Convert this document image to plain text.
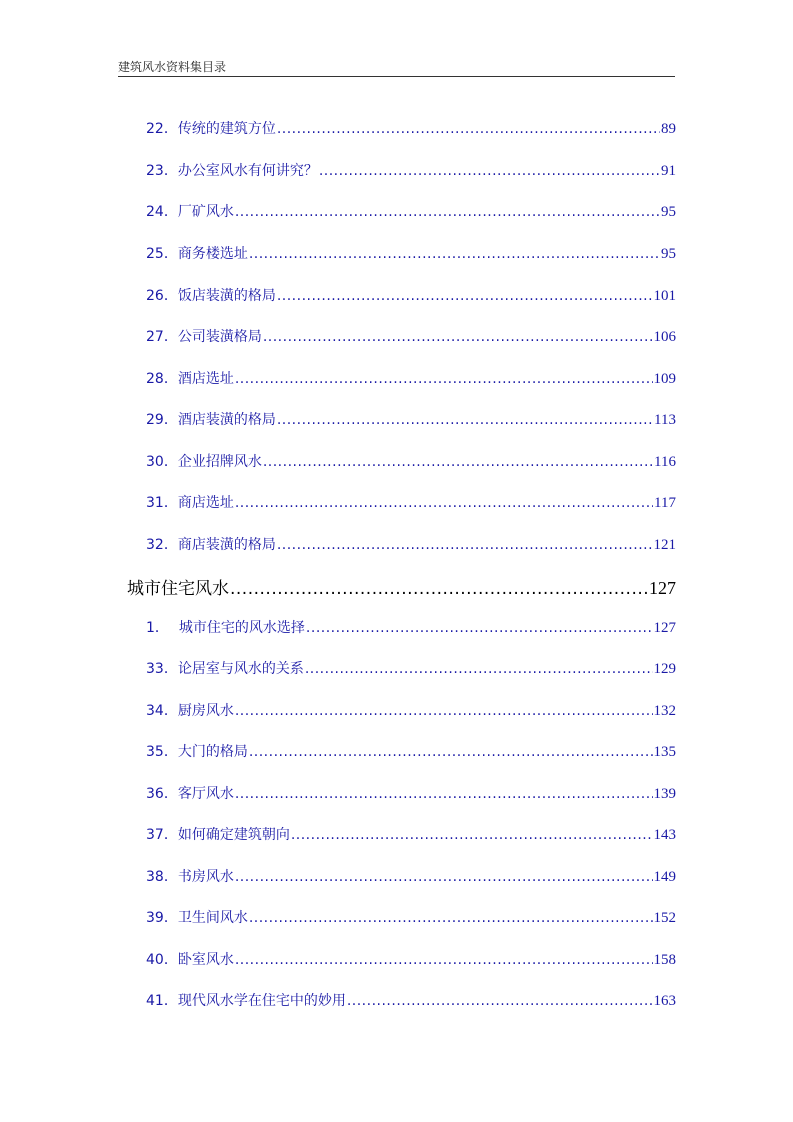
建筑风水资料集目录
22． 传统的建筑方位 .....	89
23． 办公室风水有何讲究？ .....	91
24． 厂矿风水 .....	95
25． 商务楼选址 .....	95
26． 饭店装潢的格局 .....	101
27． 公司装潢格局 .....	106
28． 酒店选址 .....	109
29． 酒店装潢的格局 .....	113
30． 企业招牌风水 .....	116
31． 商店选址 .....	117
32． 商店装潢的格局 .....	121
城市住宅风水 .....	127
1． 城市住宅的风水选择 .....	127
33． 论居室与风水的关系 .....	129
34． 厨房风水 .....	132
35． 大门的格局 .....	135
36． 客厅风水 .....	139
37． 如何确定建筑朝向 .....	143
38． 书房风水 .....	149
39． 卫生间风水 .....	152
40． 卧室风水 .....	158
41． 现代风水学在住宅中的妙用 .....	163
